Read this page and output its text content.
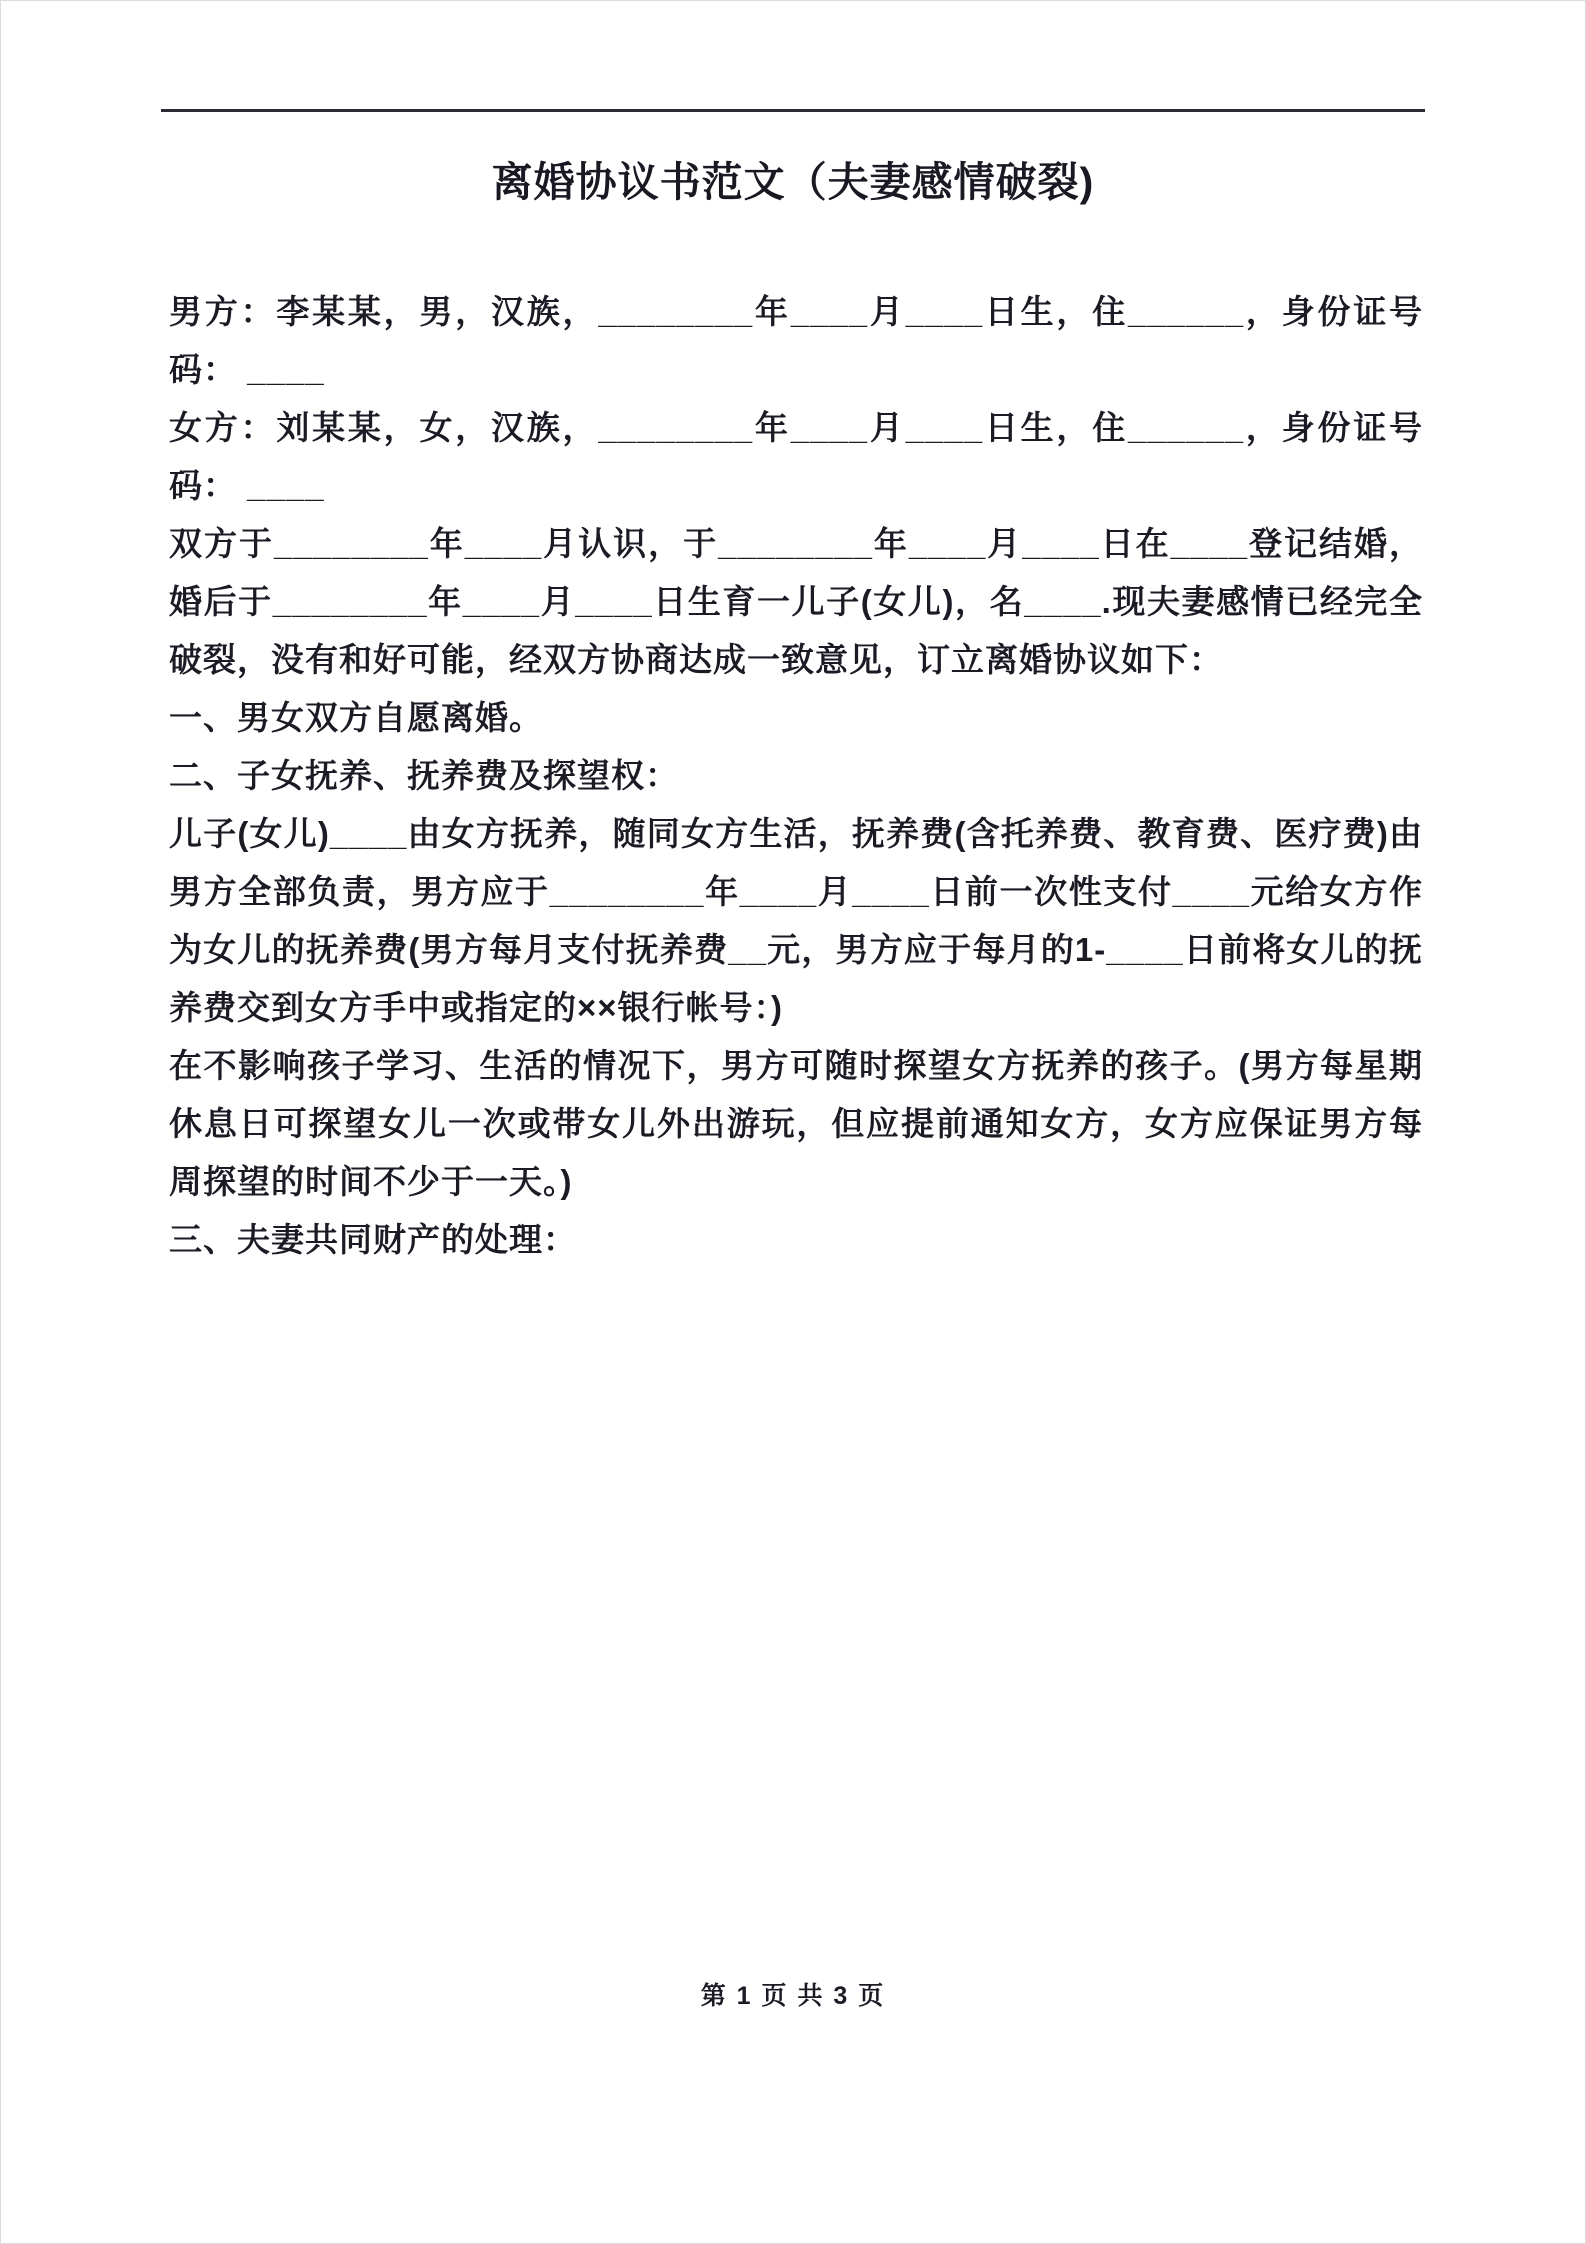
离婚协议书范文（夫妻感情破裂)

男方：李某某，男，汉族，________年____月____日生，住______，身份证号码： ____

女方：刘某某，女，汉族，________年____月____日生，住______，身份证号码： ____

双方于________年____月认识，于________年____月____日在____登记结婚，婚后于________年____月____日生育一儿子(女儿)，名____.现夫妻感情已经完全破裂，没有和好可能，经双方协商达成一致意见，订立离婚协议如下：

一、男女双方自愿离婚。

二、子女抚养、抚养费及探望权：

儿子(女儿)____由女方抚养，随同女方生活，抚养费(含托养费、教育费、医疗费)由男方全部负责，男方应于________年____月____日前一次性支付____元给女方作为女儿的抚养费(男方每月支付抚养费__元，男方应于每月的1-____日前将女儿的抚养费交到女方手中或指定的××银行帐号：)

在不影响孩子学习、生活的情况下，男方可随时探望女方抚养的孩子。(男方每星期休息日可探望女儿一次或带女儿外出游玩，但应提前通知女方，女方应保证男方每周探望的时间不少于一天。)

三、夫妻共同财产的处理：

第 1 页 共 3 页
